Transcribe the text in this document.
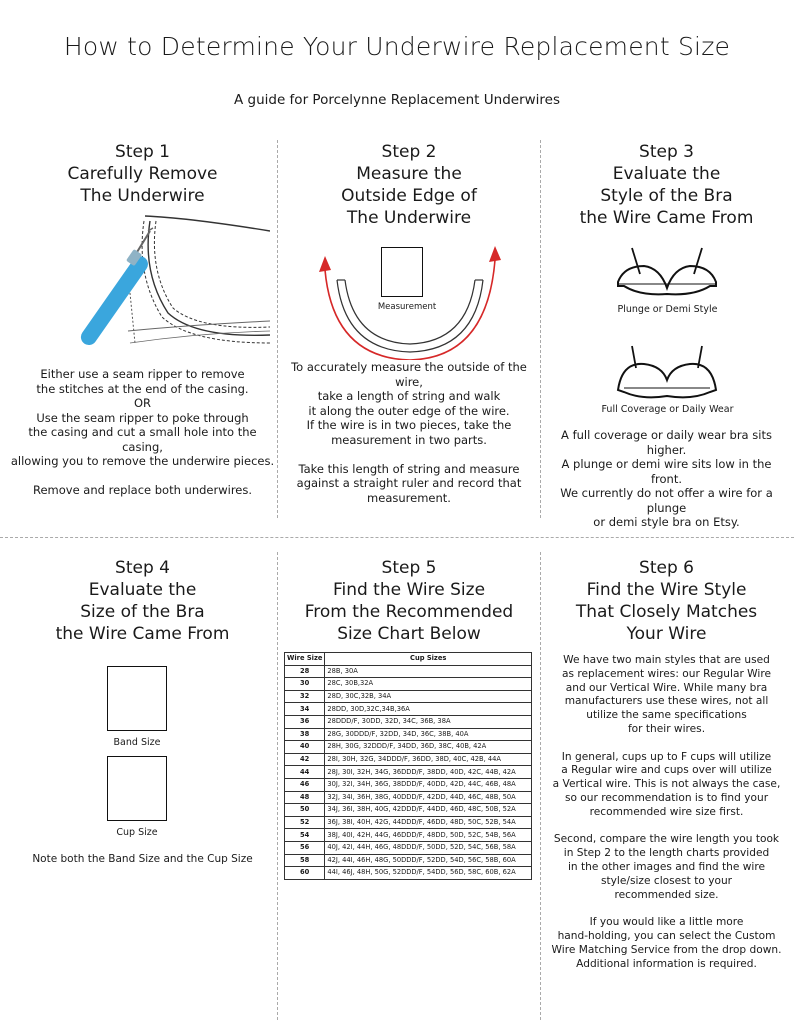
How to Determine Your Underwire Replacement Size
A guide for Porcelynne Replacement Underwires
Step 1
Carefully Remove
The Underwire
Either use a seam ripper to remove
the stitches at the end of the casing.
OR
Use the seam ripper to poke through
the casing and cut a small hole into the casing,
allowing you to remove the underwire pieces.

Remove and replace both underwires.
Step 2
Measure the
Outside Edge of
The Underwire
Measurement
To accurately measure the outside of the wire,
take a length of string and walk
it along the outer edge of the wire.
If the wire is in two pieces, take the
measurement in two parts.

Take this length of string and measure
against a straight ruler and record that
measurement.
Step 3
Evaluate the
Style of the Bra
the Wire Came From
Plunge or Demi Style
Full Coverage or Daily Wear
A full coverage or daily wear bra sits higher.
A plunge or demi wire sits low in the front.
We currently do not offer a wire for a plunge
or demi style bra on Etsy.
Step 4
Evaluate the
Size of the Bra
the Wire Came From
Band Size
Cup Size
Note both the Band Size and the Cup Size
Step 5
Find the Wire Size
From the Recommended
Size Chart Below
Wire Size	Cup Sizes
28	28B, 30A
30	28C, 30B,32A
32	28D, 30C,32B, 34A
34	28DD, 30D,32C,34B,36A
36	28DDD/F, 30DD, 32D, 34C, 36B, 38A
38	28G, 30DDD/F, 32DD, 34D, 36C, 38B, 40A
40	28H, 30G, 32DDD/F, 34DD, 36D, 38C, 40B, 42A
42	28I, 30H, 32G, 34DDD/F, 36DD, 38D, 40C, 42B, 44A
44	28J, 30I, 32H, 34G, 36DDD/F, 38DD, 40D, 42C, 44B, 42A
46	30J, 32I, 34H, 36G, 38DDD/F, 40DD, 42D, 44C, 46B, 48A
48	32J, 34I, 36H, 38G, 40DDD/F, 42DD, 44D, 46C, 48B, 50A
50	34J, 36I, 38H, 40G, 42DDD/F, 44DD, 46D, 48C, 50B, 52A
52	36J, 38I, 40H, 42G, 44DDD/F, 46DD, 48D, 50C, 52B, 54A
54	38J, 40I, 42H, 44G, 46DDD/F, 48DD, 50D, 52C, 54B, 56A
56	40J, 42I, 44H, 46G, 48DDD/F, 50DD, 52D, 54C, 56B, 58A
58	42J, 44I, 46H, 48G, 50DDD/F, 52DD, 54D, 56C, 58B, 60A
60	44I, 46J, 48H, 50G, 52DDD/F, 54DD, 56D, 58C, 60B, 62A
Step 6
Find the Wire Style
That Closely Matches
Your Wire
We have two main styles that are used
as replacement wires: our Regular Wire
and our Vertical Wire. While many bra
manufacturers use these wires, not all
utilize the same specifications
for their wires.

In general, cups up to F cups will utilize
a Regular wire and cups over will utilize
a Vertical wire. This is not always the case,
so our recommendation is to find your
recommended wire size first.

Second, compare the wire length you took
in Step 2 to the length charts provided
in the other images and find the wire
style/size closest to your
recommended size.

If you would like a little more
hand-holding, you can select the Custom
Wire Matching Service from the drop down.
Additional information is required.
